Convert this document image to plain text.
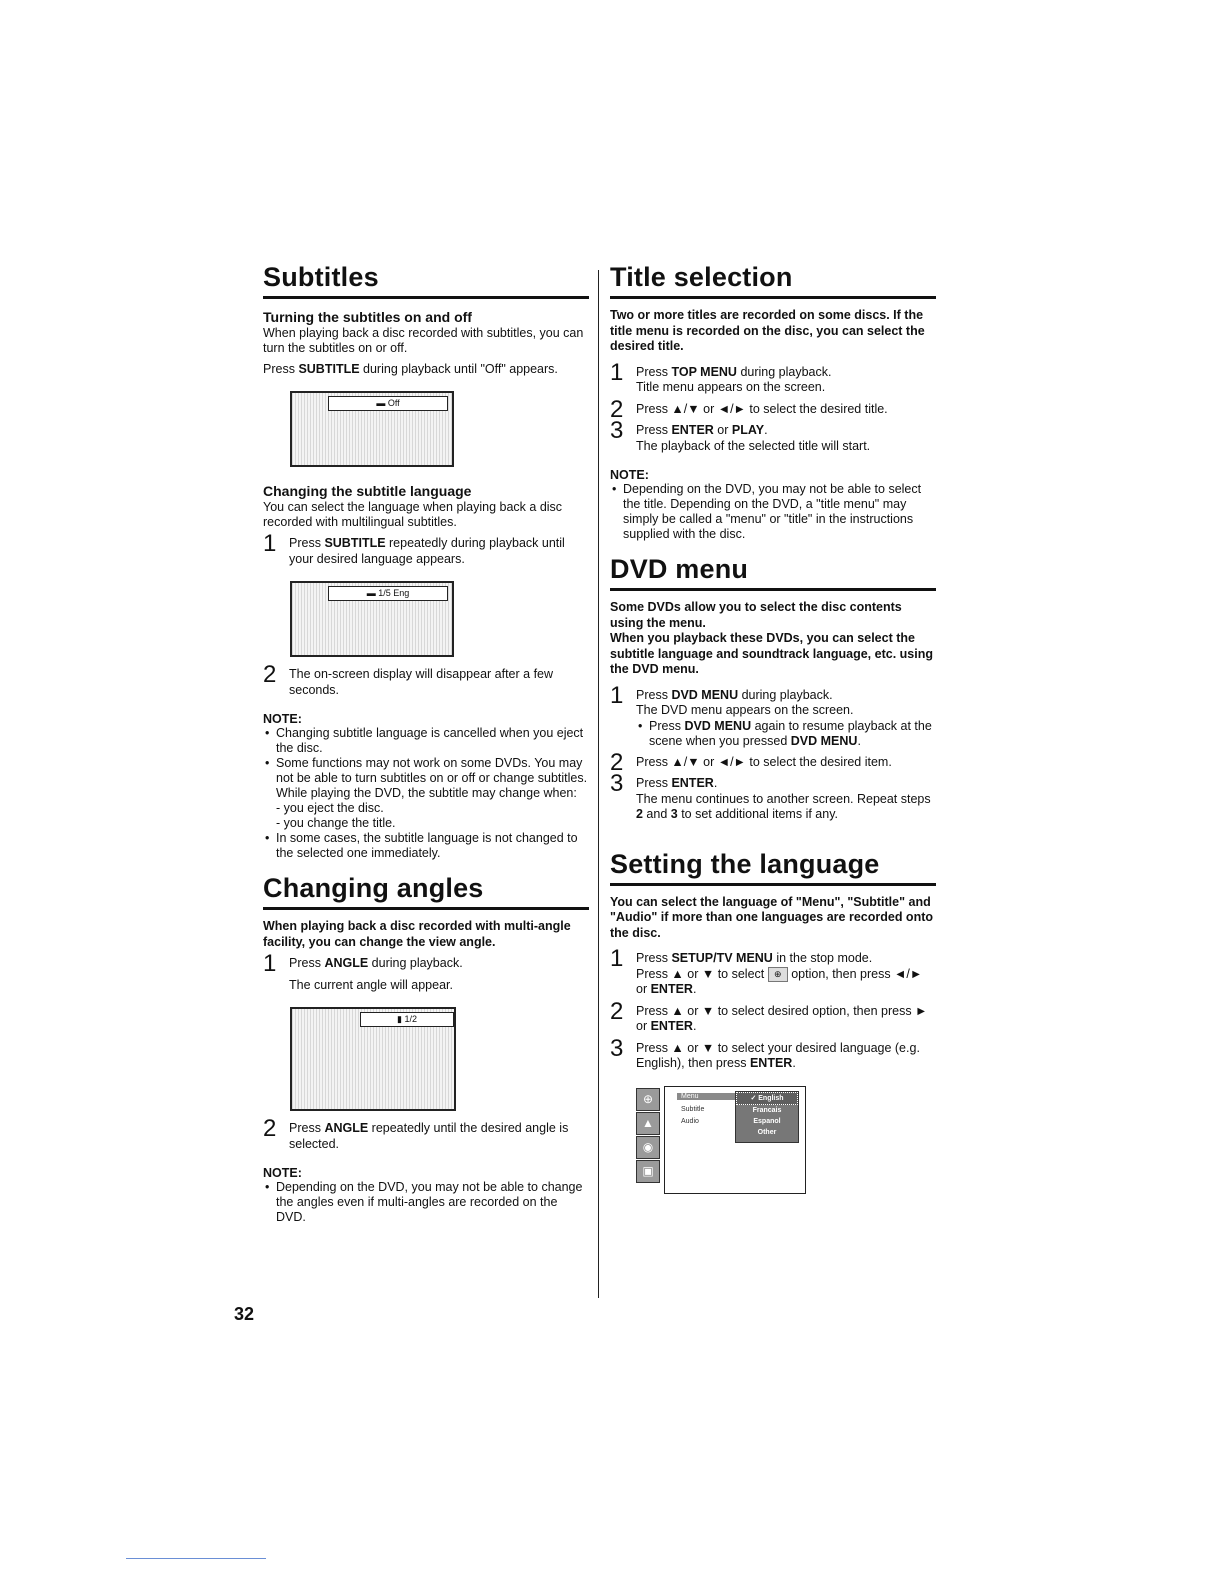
Subtitles
Turning the subtitles on and off

When playing back a disc recorded with subtitles, you can turn the subtitles on or off.

Press SUBTITLE during playback until "Off" appears.

▬ Off
Changing the subtitle language

You can select the language when playing back a disc recorded with multilingual subtitles.

1 Press SUBTITLE repeatedly during playback until your desired language appears.
▬ 1/5 Eng
2 The on-screen display will disappear after a few seconds.
NOTE:
• Changing subtitle language is cancelled when you eject the disc.
• Some functions may not work on some DVDs. You may not be able to turn subtitles on or off or change subtitles. While playing the DVD, the subtitle may change when:
- you eject the disc.
- you change the title.
• In some cases, the subtitle language is not changed to the selected one immediately.
Changing angles

When playing back a disc recorded with multi-angle facility, you can change the view angle.

1 Press ANGLE during playback.
The current angle will appear.
▮ 1/2
2 Press ANGLE repeatedly until the desired angle is selected.
NOTE:
• Depending on the DVD, you may not be able to change the angles even if multi-angles are recorded on the DVD.
Title selection

Two or more titles are recorded on some discs. If the title menu is recorded on the disc, you can select the desired title.

1 Press TOP MENU during playback.
Title menu appears on the screen.
2 Press ▲/▼ or ◄/► to select the desired title.
3 Press ENTER or PLAY.
The playback of the selected title will start.
NOTE:
• Depending on the DVD, you may not be able to select the title. Depending on the DVD, a "title menu" may simply be called a "menu" or "title" in the instructions supplied with the disc.
DVD menu

Some DVDs allow you to select the disc contents using the menu.

When you playback these DVDs, you can select the subtitle language and soundtrack language, etc. using the DVD menu.

1 Press DVD MENU during playback.
The DVD menu appears on the screen.
• Press DVD MENU again to resume playback at the scene when you pressed DVD MENU.
2 Press ▲/▼ or ◄/► to select the desired item.
3 Press ENTER.
The menu continues to another screen. Repeat steps 2 and 3 to set additional items if any.
Setting the language

You can select the language of "Menu", "Subtitle" and "Audio" if more than one languages are recorded onto the disc.

1 Press SETUP/TV MENU in the stop mode.
Press ▲ or ▼ to select ⊕ option, then press ◄/► or ENTER.
2 Press ▲ or ▼ to select desired option, then press ► or ENTER.
3 Press ▲ or ▼ to select your desired language (e.g. English), then press ENTER.
⊕
▲
◉
▣
Menu
Subtitle
Audio
✓ English
Francais
Espanol
Other
32
